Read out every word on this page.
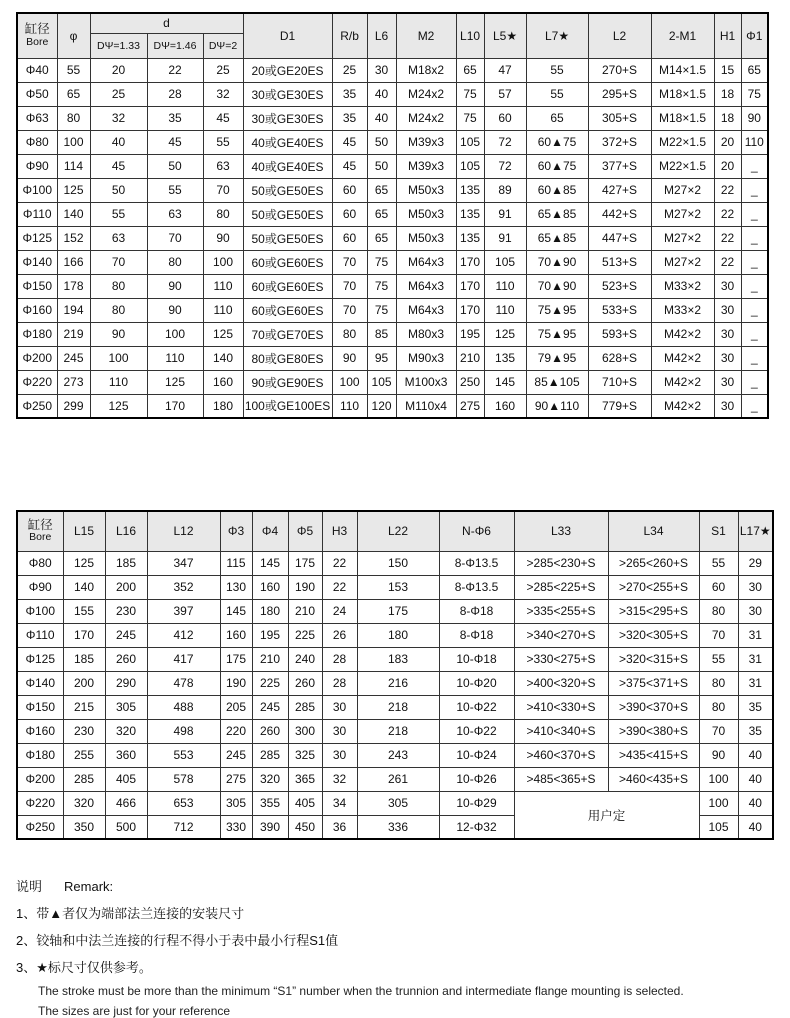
缸径
Bore	φ	d			D1	R/b	L6	M2	L10	L5★	L7★	L2	2-M1	H1	Φ1
		DΨ=1.33	DΨ=1.46	DΨ=2											
Φ40	55	20	22	25	20或GE20ES	25	30	M18x2	65	47	55	270+S	M14×1.5	15	65
Φ50	65	25	28	32	30或GE30ES	35	40	M24x2	75	57	55	295+S	M18×1.5	18	75
Φ63	80	32	35	45	30或GE30ES	35	40	M24x2	75	60	65	305+S	M18×1.5	18	90
Φ80	100	40	45	55	40或GE40ES	45	50	M39x3	105	72	60▲75	372+S	M22×1.5	20	110
Φ90	114	45	50	63	40或GE40ES	45	50	M39x3	105	72	60▲75	377+S	M22×1.5	20	_
Φ100	125	50	55	70	50或GE50ES	60	65	M50x3	135	89	60▲85	427+S	M27×2	22	_
Φ110	140	55	63	80	50或GE50ES	60	65	M50x3	135	91	65▲85	442+S	M27×2	22	_
Φ125	152	63	70	90	50或GE50ES	60	65	M50x3	135	91	65▲85	447+S	M27×2	22	_
Φ140	166	70	80	100	60或GE60ES	70	75	M64x3	170	105	70▲90	513+S	M27×2	22	_
Φ150	178	80	90	110	60或GE60ES	70	75	M64x3	170	110	70▲90	523+S	M33×2	30	_
Φ160	194	80	90	110	60或GE60ES	70	75	M64x3	170	110	75▲95	533+S	M33×2	30	_
Φ180	219	90	100	125	70或GE70ES	80	85	M80x3	195	125	75▲95	593+S	M42×2	30	_
Φ200	245	100	110	140	80或GE80ES	90	95	M90x3	210	135	79▲95	628+S	M42×2	30	_
Φ220	273	110	125	160	90或GE90ES	100	105	M100x3	250	145	85▲105	710+S	M42×2	30	_
Φ250	299	125	170	180	100或GE100ES	110	120	M110x4	275	160	90▲110	779+S	M42×2	30	_
缸径
Bore	L15	L16	L12	Φ3	Φ4	Φ5	H3	L22	N-Φ6	L33	L34	S1	L17★
Φ80	125	185	347	115	145	175	22	150	8-Φ13.5	>285<230+S	>265<260+S	55	29
Φ90	140	200	352	130	160	190	22	153	8-Φ13.5	>285<225+S	>270<255+S	60	30
Φ100	155	230	397	145	180	210	24	175	8-Φ18	>335<255+S	>315<295+S	80	30
Φ110	170	245	412	160	195	225	26	180	8-Φ18	>340<270+S	>320<305+S	70	31
Φ125	185	260	417	175	210	240	28	183	10-Φ18	>330<275+S	>320<315+S	55	31
Φ140	200	290	478	190	225	260	28	216	10-Φ20	>400<320+S	>375<371+S	80	31
Φ150	215	305	488	205	245	285	30	218	10-Φ22	>410<330+S	>390<370+S	80	35
Φ160	230	320	498	220	260	300	30	218	10-Φ22	>410<340+S	>390<380+S	70	35
Φ180	255	360	553	245	285	325	30	243	10-Φ24	>460<370+S	>435<415+S	90	40
Φ200	285	405	578	275	320	365	32	261	10-Φ26	>485<365+S	>460<435+S	100	40
Φ220	320	466	653	305	355	405	34	305	10-Φ29	用户定		100	40
Φ250	350	500	712	330	390	450	36	336	12-Φ32			105	40
说明 Remark:
1、带▲者仅为端部法兰连接的安装尺寸
2、铰轴和中法兰连接的行程不得小于表中最小行程S1值
3、★标尺寸仅供参考。
The stroke must be more than the minimum “S1” number when the trunnion and intermediate flange mounting is selected.
The sizes are just for your reference
